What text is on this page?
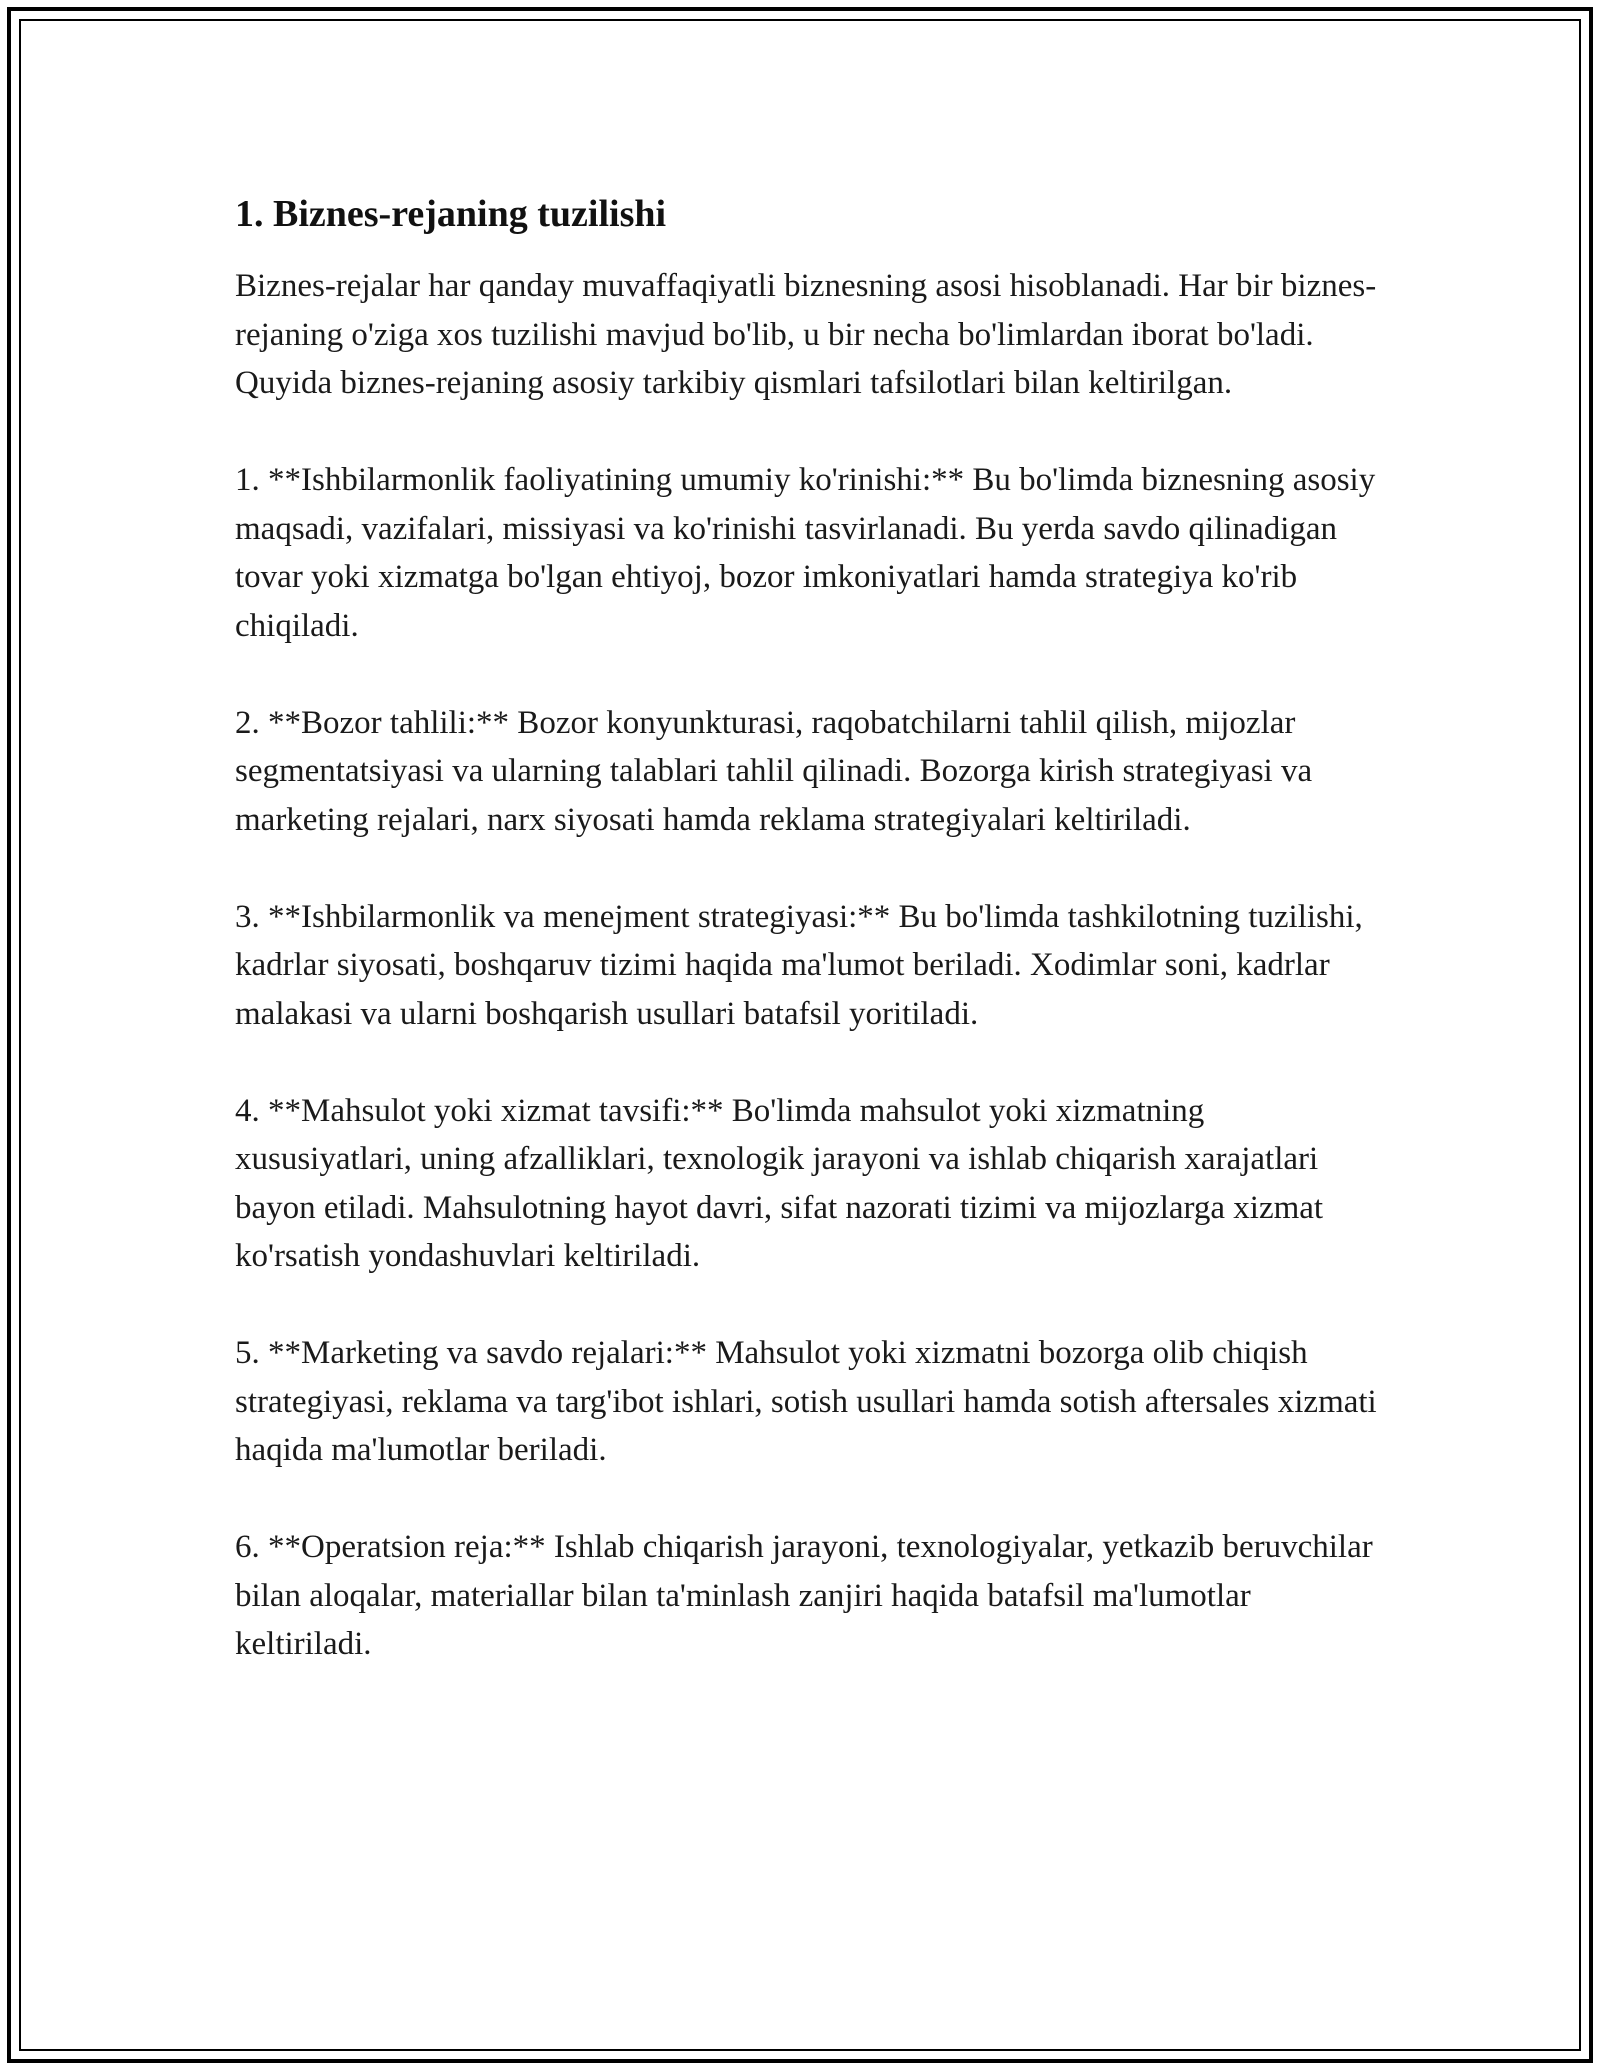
1. Biznes-rejaning tuzilishi

Biznes-rejalar har qanday muvaffaqiyatli biznesning asosi hisoblanadi. Har bir biznes-rejaning o'ziga xos tuzilishi mavjud bo'lib, u bir necha bo'limlardan iborat bo'ladi. Quyida biznes-rejaning asosiy tarkibiy qismlari tafsilotlari bilan keltirilgan.

1. **Ishbilarmonlik faoliyatining umumiy ko'rinishi:** Bu bo'limda biznesning asosiy maqsadi, vazifalari, missiyasi va ko'rinishi tasvirlanadi. Bu yerda savdo qilinadigan tovar yoki xizmatga bo'lgan ehtiyoj, bozor imkoniyatlari hamda strategiya ko'rib chiqiladi.

2. **Bozor tahlili:** Bozor konyunkturasi, raqobatchilarni tahlil qilish, mijozlar segmentatsiyasi va ularning talablari tahlil qilinadi. Bozorga kirish strategiyasi va marketing rejalari, narx siyosati hamda reklama strategiyalari keltiriladi.

3. **Ishbilarmonlik va menejment strategiyasi:** Bu bo'limda tashkilotning tuzilishi, kadrlar siyosati, boshqaruv tizimi haqida ma'lumot beriladi. Xodimlar soni, kadrlar malakasi va ularni boshqarish usullari batafsil yoritiladi.

4. **Mahsulot yoki xizmat tavsifi:** Bo'limda mahsulot yoki xizmatning xususiyatlari, uning afzalliklari, texnologik jarayoni va ishlab chiqarish xarajatlari bayon etiladi. Mahsulotning hayot davri, sifat nazorati tizimi va mijozlarga xizmat ko'rsatish yondashuvlari keltiriladi.

5. **Marketing va savdo rejalari:** Mahsulot yoki xizmatni bozorga olib chiqish strategiyasi, reklama va targ'ibot ishlari, sotish usullari hamda sotish aftersales xizmati haqida ma'lumotlar beriladi.

6. **Operatsion reja:** Ishlab chiqarish jarayoni, texnologiyalar, yetkazib beruvchilar bilan aloqalar, materiallar bilan ta'minlash zanjiri haqida batafsil ma'lumotlar keltiriladi.
